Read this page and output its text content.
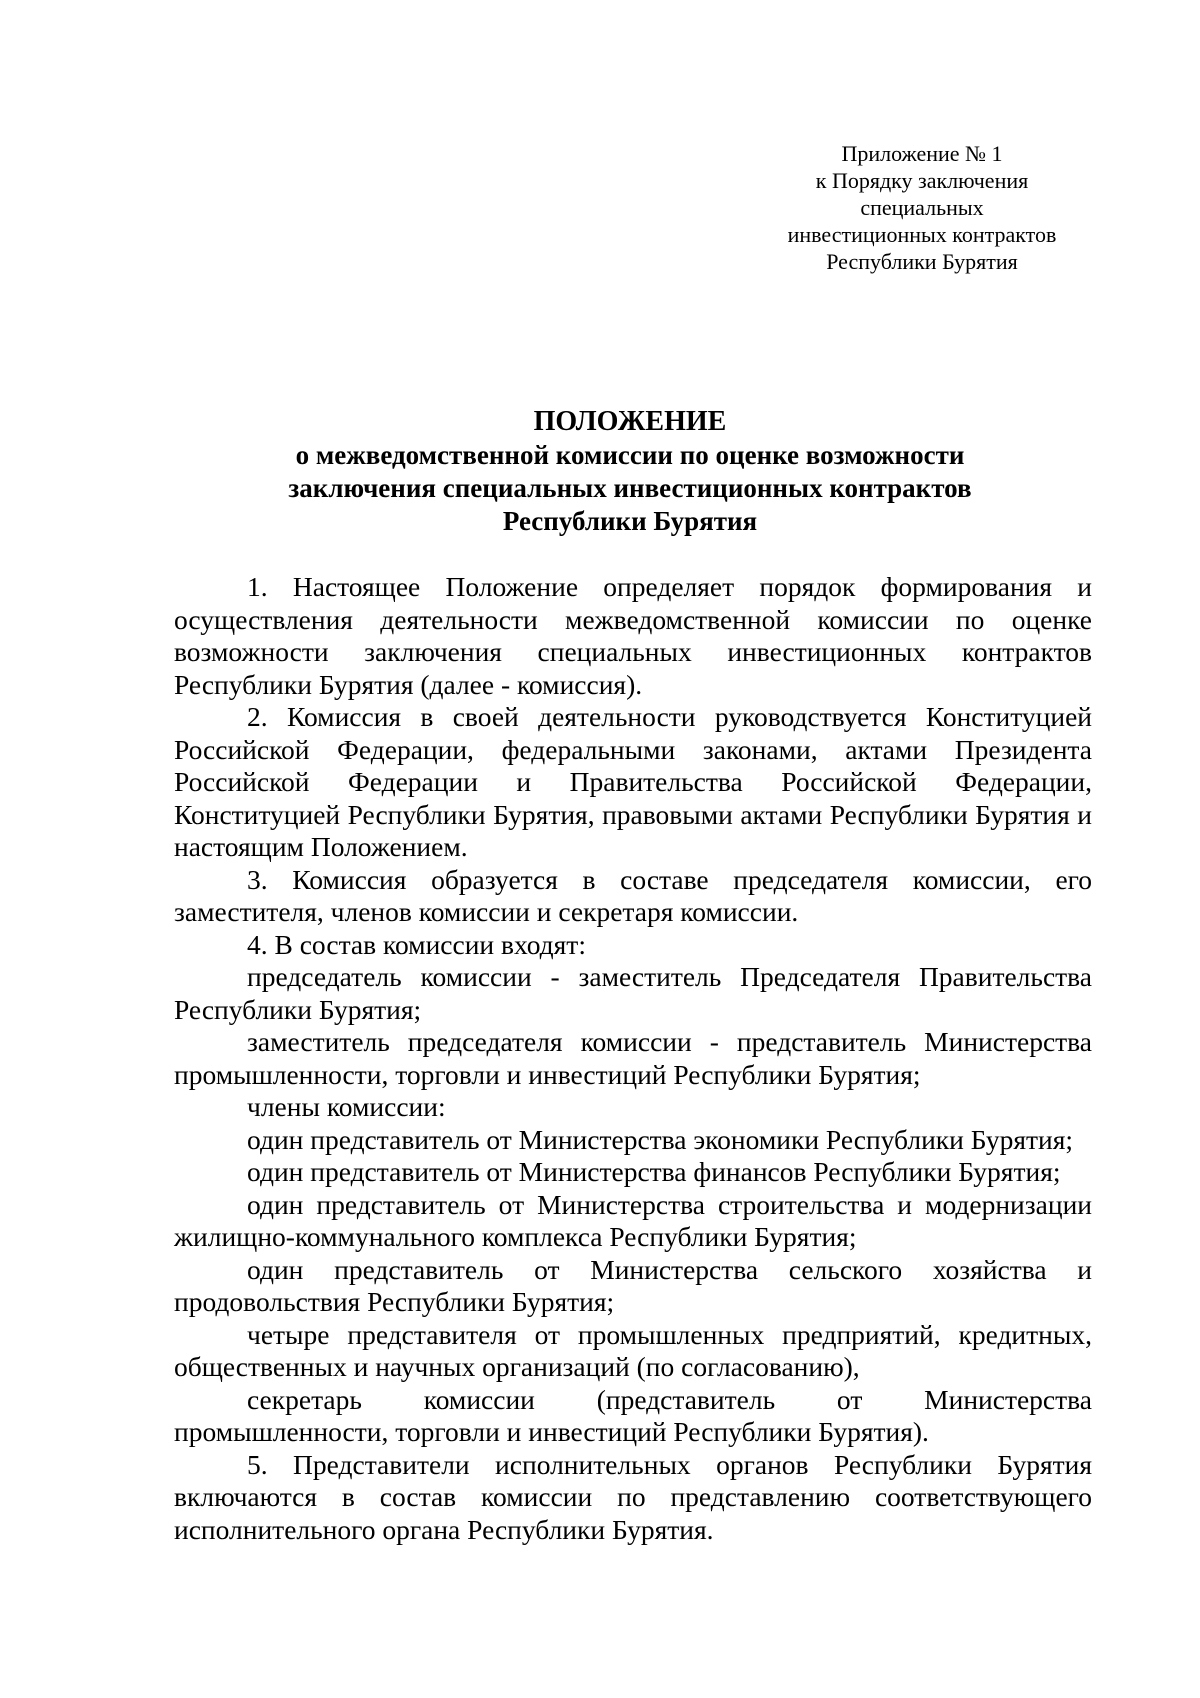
Приложение № 1
к Порядку заключения
специальных
инвестиционных контрактов
Республики Бурятия
ПОЛОЖЕНИЕ
о межведомственной комиссии по оценке возможности
заключения специальных инвестиционных контрактов
Республики Бурятия

1. Настоящее Положение определяет порядок формирования и осуществления деятельности межведомственной комиссии по оценке возможности заключения специальных инвестиционных контрактов Республики Бурятия (далее - комиссия).

2. Комиссия в своей деятельности руководствуется Конституцией Российской Федерации, федеральными законами, актами Президента Российской Федерации и Правительства Российской Федерации, Конституцией Республики Бурятия, правовыми актами Республики Бурятия и настоящим Положением.

3. Комиссия образуется в составе председателя комиссии, его заместителя, членов комиссии и секретаря комиссии.

4. В состав комиссии входят:

председатель комиссии - заместитель Председателя Правительства Республики Бурятия;

заместитель председателя комиссии - представитель Министерства промышленности, торговли и инвестиций Республики Бурятия;

члены комиссии:

один представитель от Министерства экономики Республики Бурятия;

один представитель от Министерства финансов Республики Бурятия;

один представитель от Министерства строительства и модернизации жилищно-коммунального комплекса Республики Бурятия;

один представитель от Министерства сельского хозяйства и продовольствия Республики Бурятия;

четыре представителя от промышленных предприятий, кредитных, общественных и научных организаций (по согласованию),

секретарь комиссии (представитель от Министерства промышленности, торговли и инвестиций Республики Бурятия).

5. Представители исполнительных органов Республики Бурятия включаются в состав комиссии по представлению соответствующего исполнительного органа Республики Бурятия.
